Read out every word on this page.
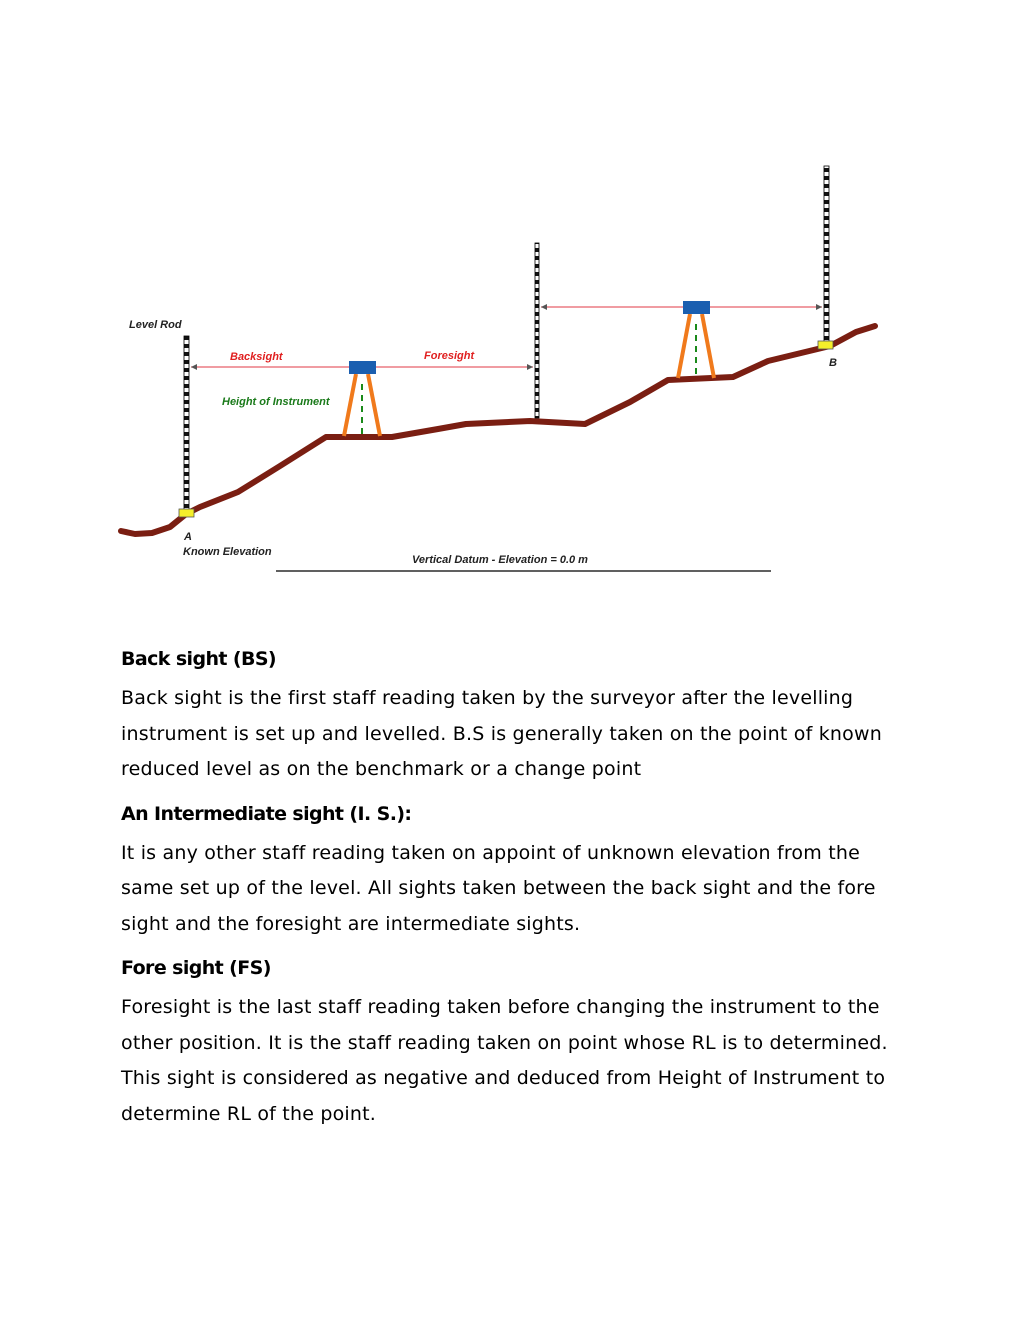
Level Rod
Backsight	Foresight
Height of Instrument
A
Known Elevation
B
Vertical Datum - Elevation = 0.0 m
Back sight (BS)

Back sight is the first staff reading taken by the surveyor after the levelling

instrument is set up and levelled. B.S is generally taken on the point of known

reduced level as on the benchmark or a change point

An Intermediate sight (I. S.):

It is any other staff reading taken on appoint of unknown elevation from the

same set up of the level. All sights taken between the back sight and the fore

sight and the foresight are intermediate sights.

Fore sight (FS)

Foresight is the last staff reading taken before changing the instrument to the

other position. It is the staff reading taken on point whose RL is to determined.

This sight is considered as negative and deduced from Height of Instrument to

determine RL of the point.
